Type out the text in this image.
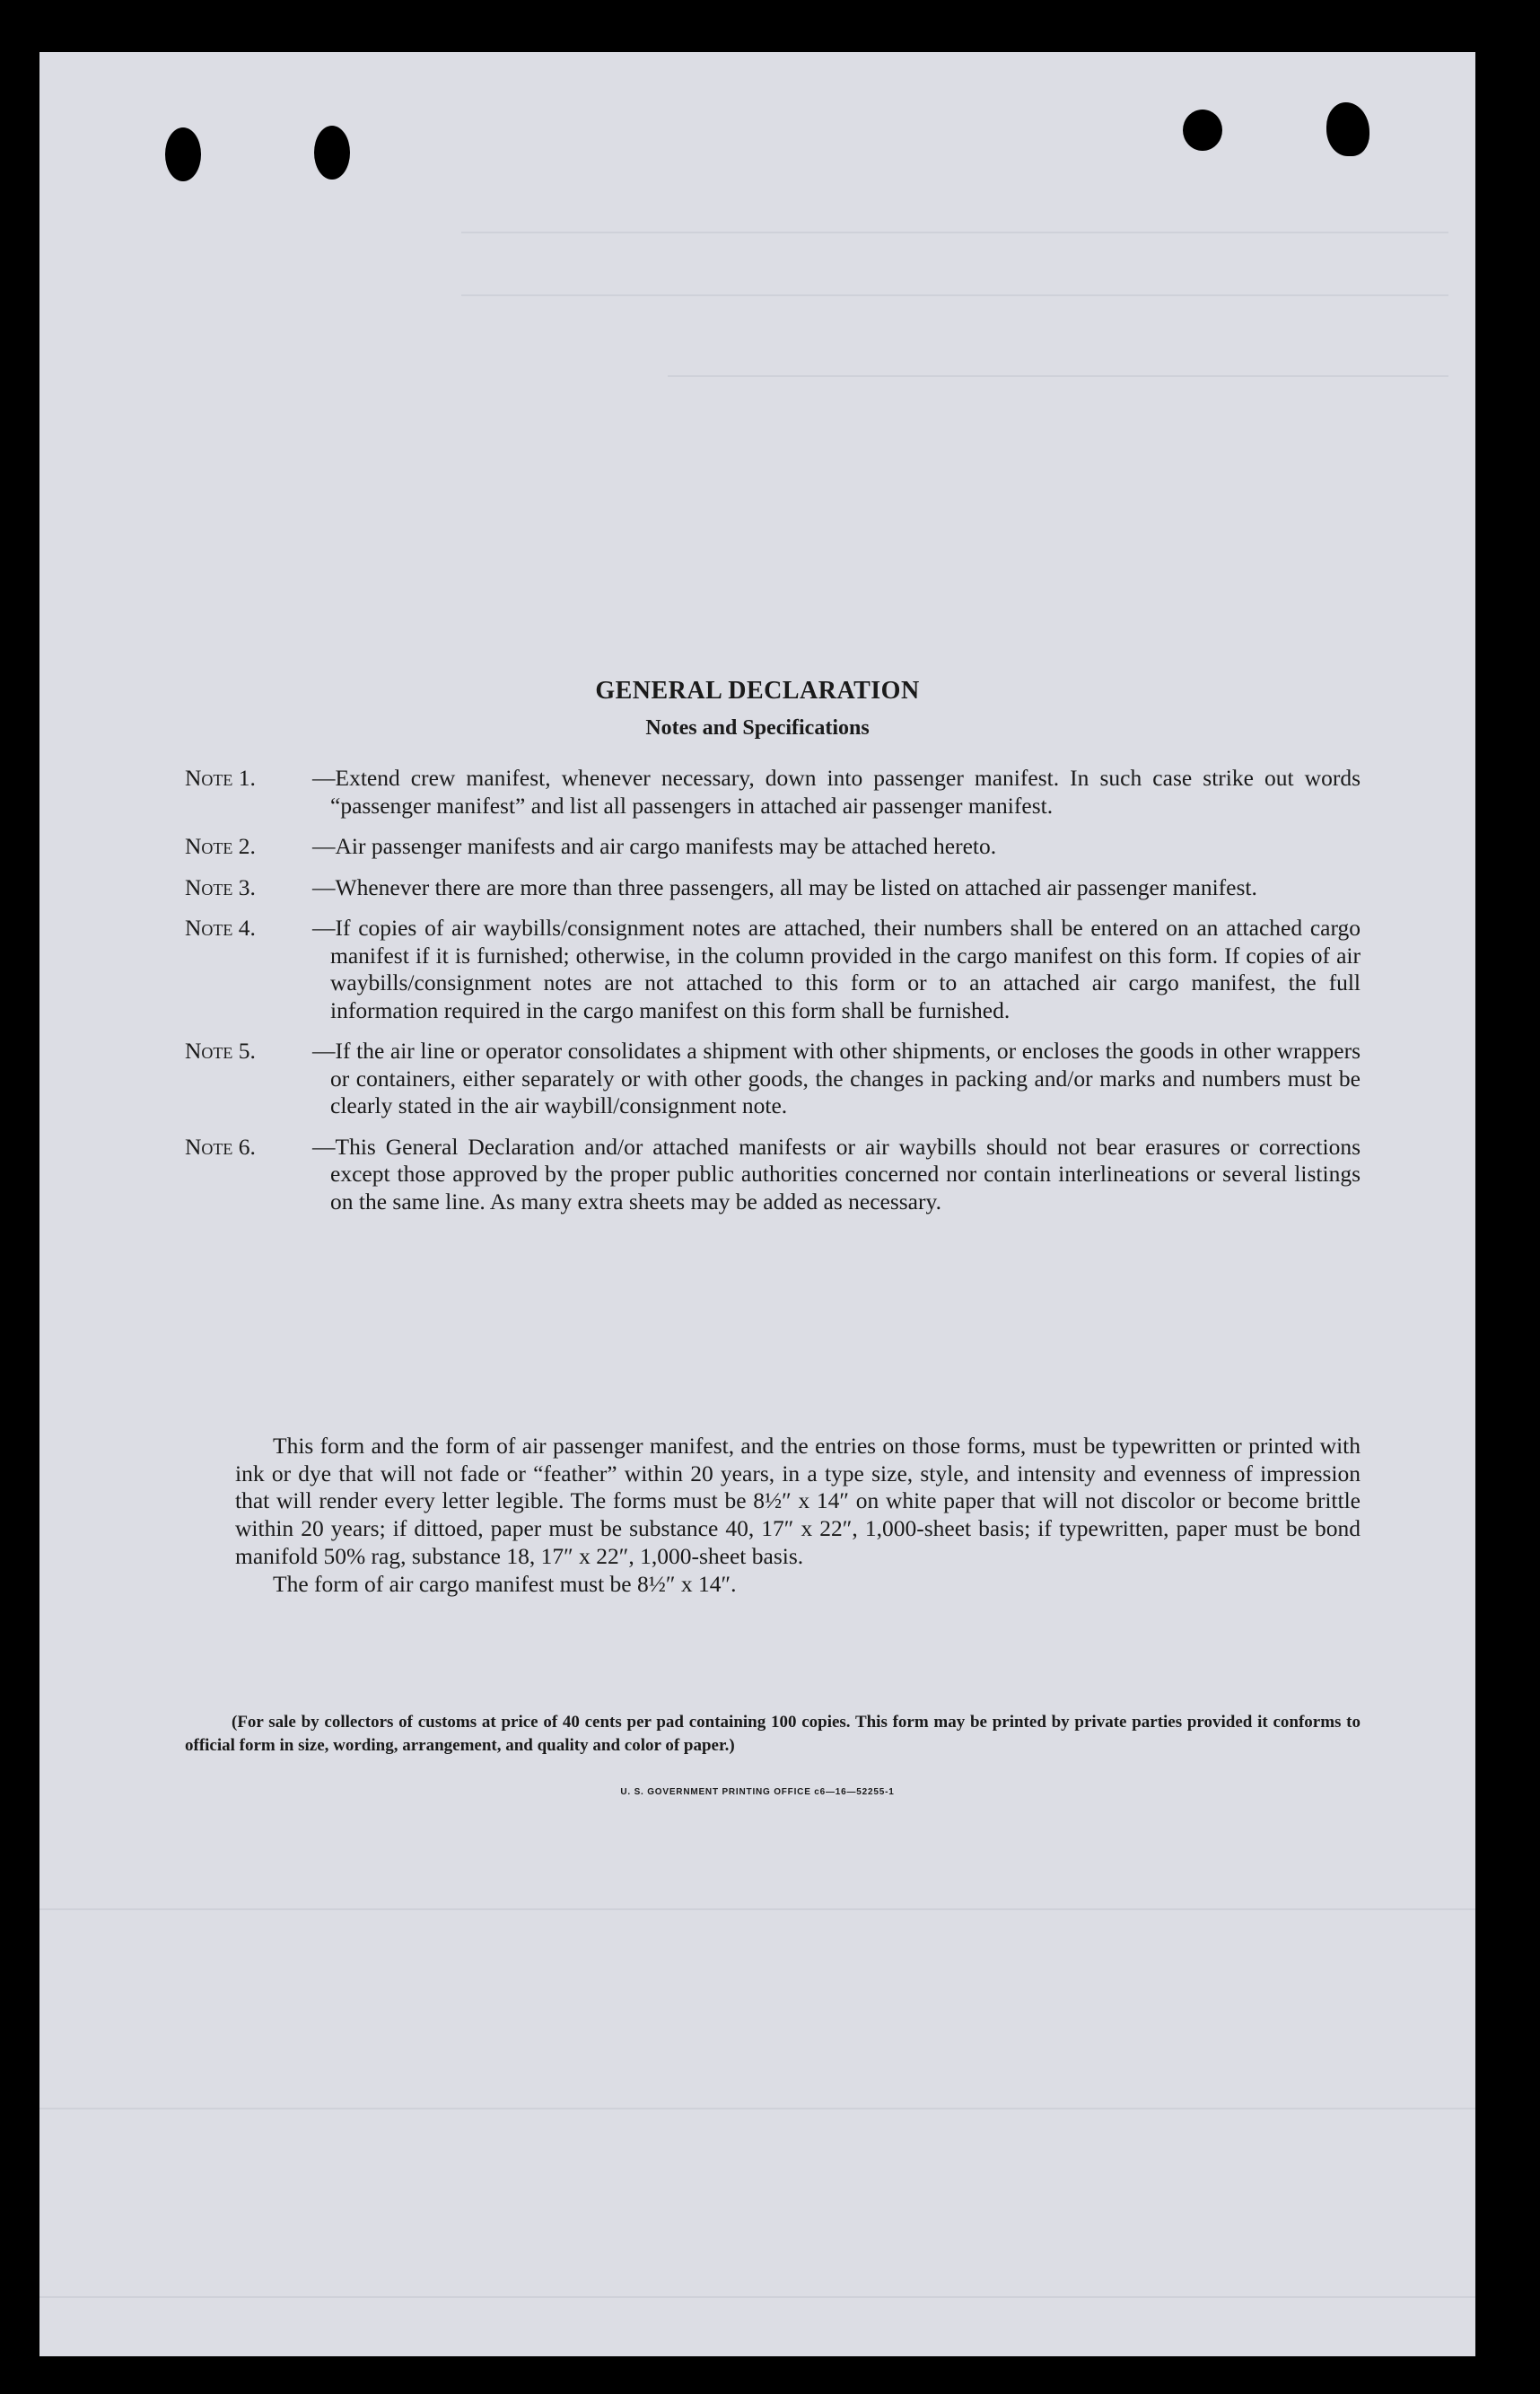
GENERAL DECLARATION
Notes and Specifications
Note 1. —Extend crew manifest, whenever necessary, down into passenger manifest. In such case strike out words “passenger manifest” and list all passengers in attached air passenger manifest.
Note 2. —Air passenger manifests and air cargo manifests may be attached hereto.
Note 3. —Whenever there are more than three passengers, all may be listed on attached air passenger manifest.
Note 4. —If copies of air waybills/consignment notes are attached, their numbers shall be entered on an attached cargo manifest if it is furnished; otherwise, in the column provided in the cargo manifest on this form. If copies of air waybills/consignment notes are not attached to this form or to an attached air cargo manifest, the full information required in the cargo manifest on this form shall be furnished.
Note 5. —If the air line or operator consolidates a shipment with other shipments, or encloses the goods in other wrappers or containers, either separately or with other goods, the changes in packing and/or marks and numbers must be clearly stated in the air waybill/consignment note.
Note 6. —This General Declaration and/or attached manifests or air waybills should not bear erasures or corrections except those approved by the proper public authorities concerned nor contain interlineations or several listings on the same line. As many extra sheets may be added as necessary.

This form and the form of air passenger manifest, and the entries on those forms, must be typewritten or printed with ink or dye that will not fade or “feather” within 20 years, in a type size, style, and intensity and evenness of impression that will render every letter legible. The forms must be 8½″ x 14″ on white paper that will not discolor or become brittle within 20 years; if dittoed, paper must be substance 40, 17″ x 22″, 1,000-sheet basis; if typewritten, paper must be bond manifold 50% rag, substance 18, 17″ x 22″, 1,000-sheet basis.

The form of air cargo manifest must be 8½″ x 14″.

(For sale by collectors of customs at price of 40 cents per pad containing 100 copies. This form may be printed by private parties provided it conforms to official form in size, wording, arrangement, and quality and color of paper.)

U. S. GOVERNMENT PRINTING OFFICE c6—16—52255-1
